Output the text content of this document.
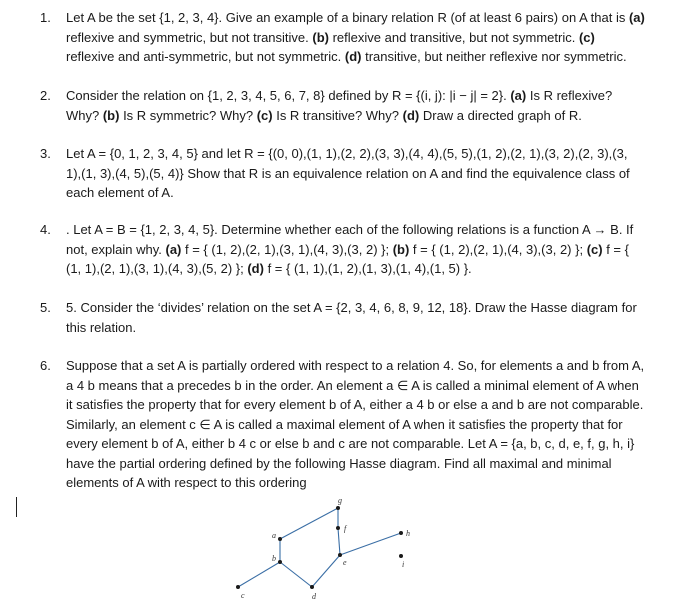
1. Let A be the set {1, 2, 3, 4}. Give an example of a binary relation R (of at least 6 pairs) on A that is (a) reflexive and symmetric, but not transitive. (b) reflexive and transitive, but not symmetric. (c) reflexive and anti-symmetric, but not symmetric. (d) transitive, but neither reflexive nor symmetric.
2. Consider the relation on {1, 2, 3, 4, 5, 6, 7, 8} defined by R = {(i, j): |i − j| = 2}. (a) Is R reflexive? Why? (b) Is R symmetric? Why? (c) Is R transitive? Why? (d) Draw a directed graph of R.
3. Let A = {0, 1, 2, 3, 4, 5} and let R = {(0, 0),(1, 1),(2, 2),(3, 3),(4, 4),(5, 5),(1, 2),(2, 1),(3, 2),(2, 3),(3, 1),(1, 3),(4, 5),(5, 4)} Show that R is an equivalence relation on A and find the equivalence class of each element of A.
4. . Let A = B = {1, 2, 3, 4, 5}. Determine whether each of the following relations is a function A → B. If not, explain why. (a) f = { (1, 2),(2, 1),(3, 1),(4, 3),(3, 2) }; (b) f = { (1, 2),(2, 1),(4, 3),(3, 2) }; (c) f = { (1, 1),(2, 1),(3, 1),(4, 3),(5, 2) }; (d) f = { (1, 1),(1, 2),(1, 3),(1, 4),(1, 5) }.
5. 5. Consider the ‘divides’ relation on the set A = {2, 3, 4, 6, 8, 9, 12, 18}. Draw the Hasse diagram for this relation.
6. Suppose that a set A is partially ordered with respect to a relation 4. So, for elements a and b from A, a 4 b means that a precedes b in the order. An element a ∈ A is called a minimal element of A when it satisfies the property that for every element b of A, either a 4 b or else a and b are not comparable. Similarly, an element c ∈ A is called a maximal element of A when it satisfies the property that for every element b of A, either b 4 c or else b and c are not comparable. Let A = {a, b, c, d, e, f, g, h, i} have the partial ordering defined by the following Hasse diagram. Find all maximal and minimal elements of A with respect to this ordering
c
b
a
d
e
f
g
h
i
